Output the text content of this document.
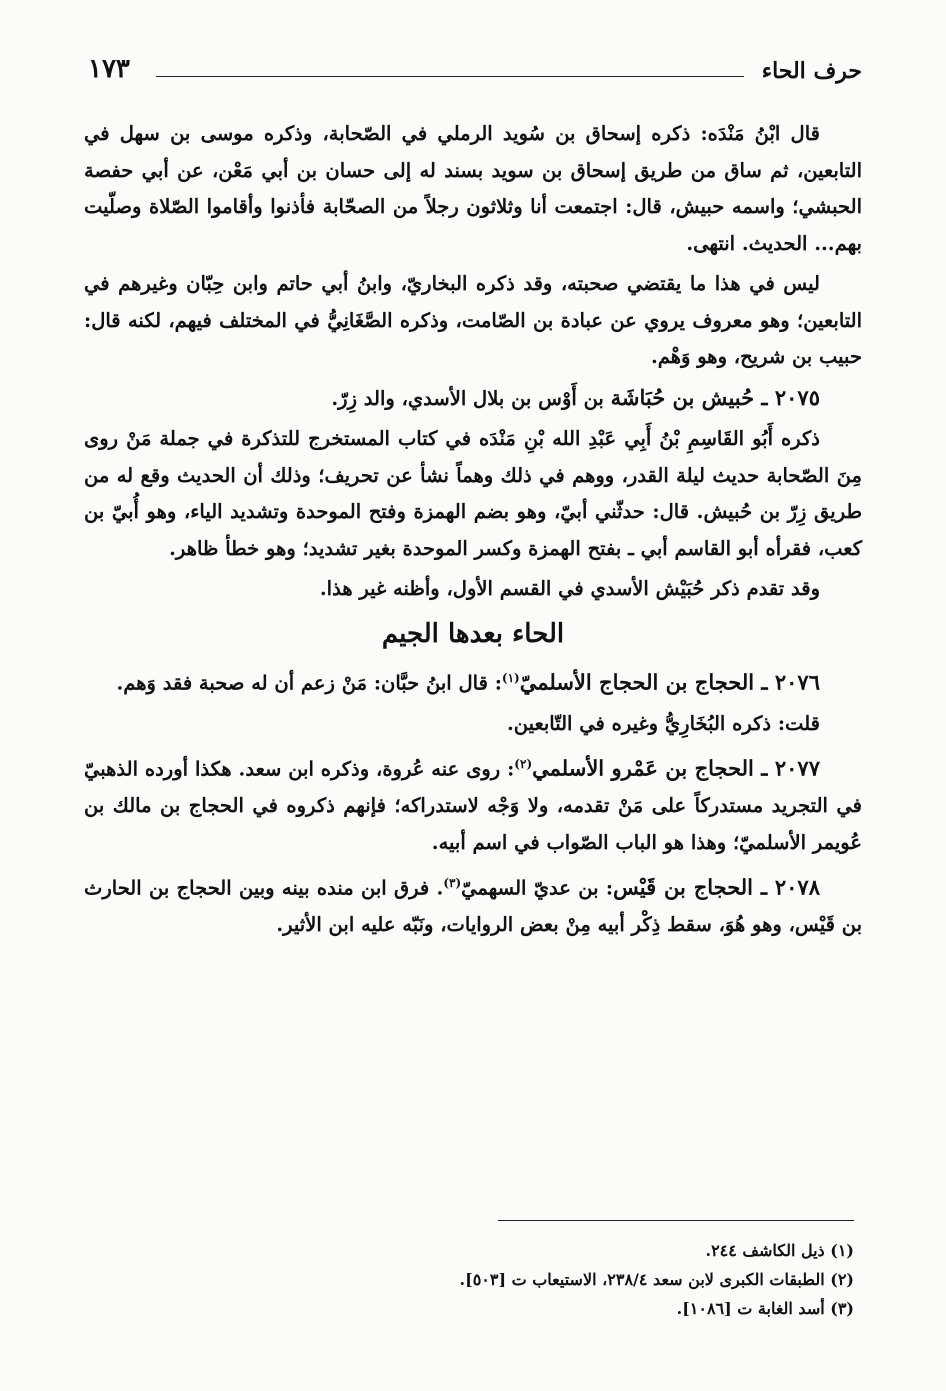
حرف الحاء
١٧٣

قال ابْنُ مَنْدَه: ذكره إسحاق بن سُويد الرملي في الصّحابة، وذكره موسى بن سهل في التابعين، ثم ساق من طريق إسحاق بن سويد بسند له إلى حسان بن أبي مَعْن، عن أبي حفصة الحبشي؛ واسمه حبيش، قال: اجتمعت أنا وثلاثون رجلاً من الصحّابة فأذنوا وأقاموا الصّلاة وصلّيت بهم... الحديث. انتهى.

ليس في هذا ما يقتضي صحبته، وقد ذكره البخاريّ، وابنُ أبي حاتم وابن حِبّان وغيرهم في التابعين؛ وهو معروف يروي عن عبادة بن الصّامت، وذكره الصَّغَانِيُّ في المختلف فيهم، لكنه قال: حبيب بن شريح، وهو وَهْم.

٢٠٧٥ ـ حُبيش بن حُبَاشَة بن أَوْس بن بلال الأسدي، والد زِرّ.

ذكره أَبُو القَاسِمِ بْنُ أَبِي عَبْدِ الله بْنِ مَنْدَه في كتاب المستخرج للتذكرة في جملة مَنْ روى مِنَ الصّحابة حديث ليلة القدر، ووهم في ذلك وهماً نشأ عن تحريف؛ وذلك أن الحديث وقع له من طريق زِرّ بن حُبيش. قال: حدثّني أبيّ، وهو بضم الهمزة وفتح الموحدة وتشديد الياء، وهو أُبيّ بن كعب، فقرأه أبو القاسم أبي ـ بفتح الهمزة وكسر الموحدة بغير تشديد؛ وهو خطأ ظاهر.

وقد تقدم ذكر حُبَيْش الأسدي في القسم الأول، وأظنه غير هذا.

الحاء بعدها الجيم

٢٠٧٦ ـ الحجاج بن الحجاج الأسلميّ$^{(١)}$: قال ابنُ حبَّان: مَنْ زعم أن له صحبة فقد وَهم.

قلت: ذكره البُخَارِيُّ وغيره في التّابعين.

٢٠٧٧ ـ الحجاج بن عَمْرو الأسلمي$^{(٢)}$: روى عنه عُروة، وذكره ابن سعد. هكذا أورده الذهبيّ في التجريد مستدركاً على مَنْ تقدمه، ولا وَجْه لاستدراكه؛ فإنهم ذكروه في الحجاج بن مالك بن عُويمر الأسلميّ؛ وهذا هو الباب الصّواب في اسم أبيه.

٢٠٧٨ ـ الحجاج بن قَيْس: بن عديّ السهميّ$^{(٣)}$. فرق ابن منده بينه وبين الحجاج بن الحارث بن قَيْس، وهو هُوَ، سقط ذِكْر أبيه مِنْ بعض الروايات، ونَبّه عليه ابن الأثير.

(١) ذيل الكاشف ٢٤٤.

(٢) الطبقات الكبرى لابن سعد ٢٣٨/٤، الاستيعاب ت [٥٠٣].

(٣) أسد الغابة ت [١٠٨٦].
